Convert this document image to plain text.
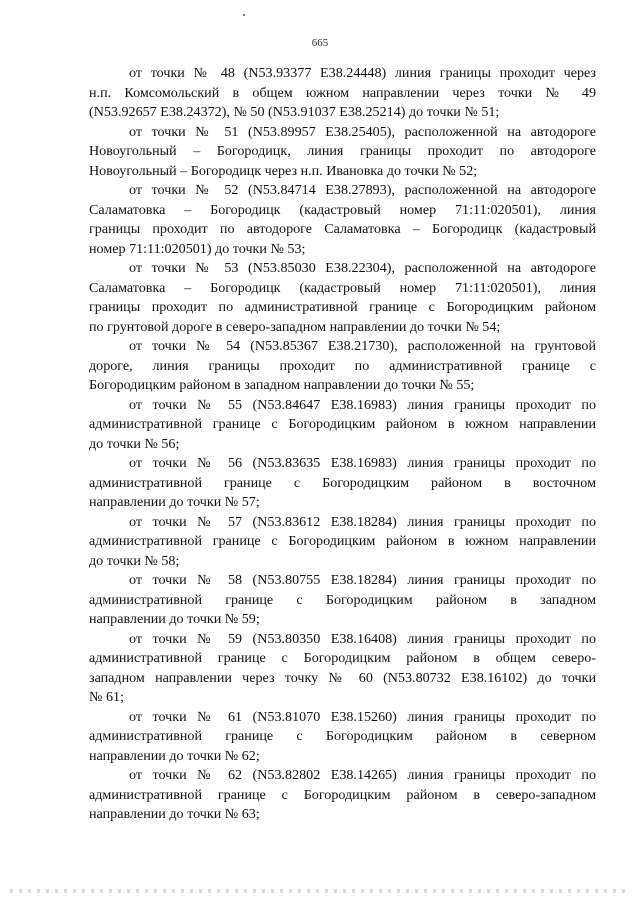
665
от точки № 48 (N53.93377 E38.24448) линия границы проходит через
н.п. Комсомольский в общем южном направлении через точки № 49
(N53.92657 E38.24372), № 50 (N53.91037 E38.25214) до точки № 51;
от точки № 51 (N53.89957 E38.25405), расположенной на автодороге
Новоугольный – Богородицк, линия границы проходит по автодороге
Новоугольный – Богородицк через н.п. Ивановка до точки № 52;
от точки № 52 (N53.84714 E38.27893), расположенной на автодороге
Саламатовка – Богородицк (кадастровый номер 71:11:020501), линия
границы проходит по автодороге Саламатовка – Богородицк (кадастровый
номер 71:11:020501) до точки № 53;
от точки № 53 (N53.85030 E38.22304), расположенной на автодороге
Саламатовка – Богородицк (кадастровый номер 71:11:020501), линия
границы проходит по административной границе с Богородицким районом
по грунтовой дороге в северо-западном направлении до точки № 54;
от точки № 54 (N53.85367 E38.21730), расположенной на грунтовой
дороге, линия границы проходит по административной границе с
Богородицким районом в западном направлении до точки № 55;
от точки № 55 (N53.84647 E38.16983) линия границы проходит по
административной границе с Богородицким районом в южном направлении
до точки № 56;
от точки № 56 (N53.83635 E38.16983) линия границы проходит по
административной границе с Богородицким районом в восточном
направлении до точки № 57;
от точки № 57 (N53.83612 E38.18284) линия границы проходит по
административной границе с Богородицким районом в южном направлении
до точки № 58;
от точки № 58 (N53.80755 E38.18284) линия границы проходит по
административной границе с Богородицким районом в западном
направлении до точки № 59;
от точки № 59 (N53.80350 E38.16408) линия границы проходит по
административной границе с Богородицким районом в общем северо-
западном направлении через точку № 60 (N53.80732 E38.16102) до точки
№ 61;
от точки № 61 (N53.81070 E38.15260) линия границы проходит по
административной границе с Богородицким районом в северном
направлении до точки № 62;
от точки № 62 (N53.82802 E38.14265) линия границы проходит по
административной границе с Богородицким районом в северо-западном
направлении до точки № 63;
